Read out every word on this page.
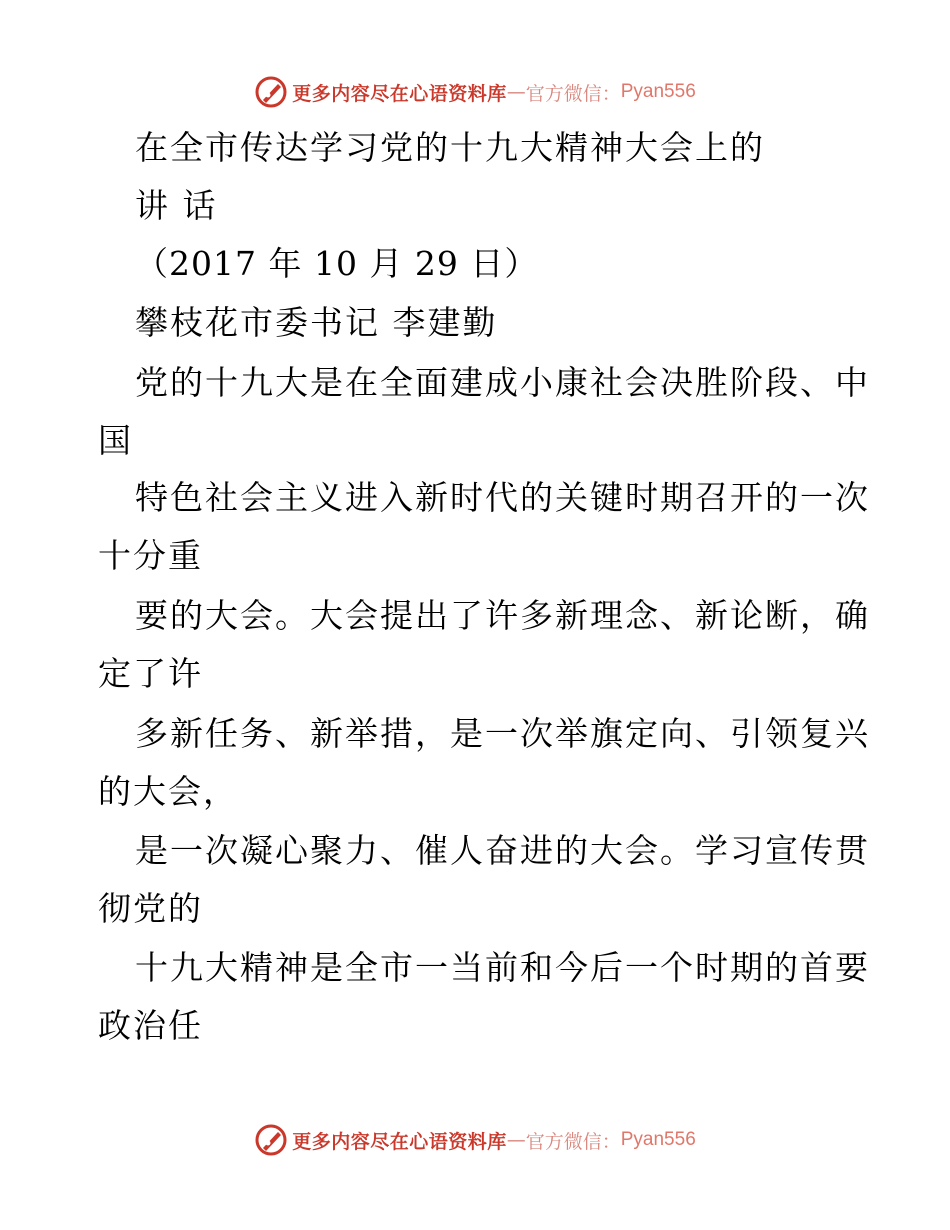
更多内容尽在心语资料库 — 官方微信： Pyan556
在全市传达学习党的十九大精神大会上的
讲 话
（2017 年 10 月 29 日）
攀枝花市委书记 李建勤
党的十九大是在全面建成小康社会决胜阶段、中
国
特色社会主义进入新时代的关键时期召开的一次
十分重
要的大会。大会提出了许多新理念、新论断，确
定了许
多新任务、新举措，是一次举旗定向、引领复兴
的大会，
是一次凝心聚力、催人奋进的大会。学习宣传贯
彻党的
十九大精神是全市一当前和今后一个时期的首要
政治任
更多内容尽在心语资料库 — 官方微信： Pyan556
